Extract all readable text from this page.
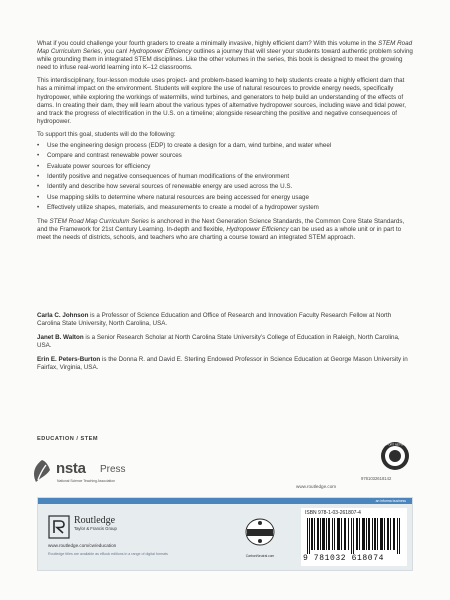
What if you could challenge your fourth graders to create a minimally invasive, highly efficient dam? With this volume in the STEM Road Map Curriculum Series, you can! Hydropower Efficiency outlines a journey that will steer your students toward authentic problem solving while grounding them in integrated STEM disciplines. Like the other volumes in the series, this book is designed to meet the growing need to infuse real-world learning into K–12 classrooms.

This interdisciplinary, four-lesson module uses project- and problem-based learning to help students create a highly efficient dam that has a minimal impact on the environment. Students will explore the use of natural resources to provide energy needs, specifically hydropower, while exploring the workings of watermills, wind turbines, and generators to help build an understanding of the effects of dams. In creating their dam, they will learn about the various types of alternative hydropower sources, including wave and tidal power, and track the progress of electrification in the U.S. on a timeline; alongside researching the positive and negative consequences of hydropower.

To support this goal, students will do the following:

• Use the engineering design process (EDP) to create a design for a dam, wind turbine, and water wheel
• Compare and contrast renewable power sources
• Evaluate power sources for efficiency
• Identify positive and negative consequences of human modifications of the environment
• Identify and describe how several sources of renewable energy are used across the U.S.
• Use mapping skills to determine where natural resources are being accessed for energy usage
• Effectively utilize shapes, materials, and measurements to create a model of a hydropower system

The STEM Road Map Curriculum Series is anchored in the Next Generation Science Standards, the Common Core State Standards, and the Framework for 21st Century Learning. In-depth and flexible, Hydropower Efficiency can be used as a whole unit or in part to meet the needs of districts, schools, and teachers who are charting a course toward an integrated STEM approach.

Carla C. Johnson is a Professor of Science Education and Office of Research and Innovation Faculty Research Fellow at North Carolina State University, North Carolina, USA.

Janet B. Walton is a Senior Research Scholar at North Carolina State University’s College of Education in Raleigh, North Carolina, USA.

Erin E. Peters-Burton is the Donna R. and David E. Sterling Endowed Professor in Science Education at George Mason University in Fairfax, Virginia, USA.

EDUCATION / STEM
nsta Press
National Science Teaching Association
SUPPORT NETWORK
9781032618142
www.routledge.com
an informa business
Routledge
Taylor & Francis Group
www.routledge.com/cw/education
Routledge titles are available as eBook editions in a range of digital formats	CarbonNeutral.com
ISBN 978-1-03-261807-4
9 781032 618074
